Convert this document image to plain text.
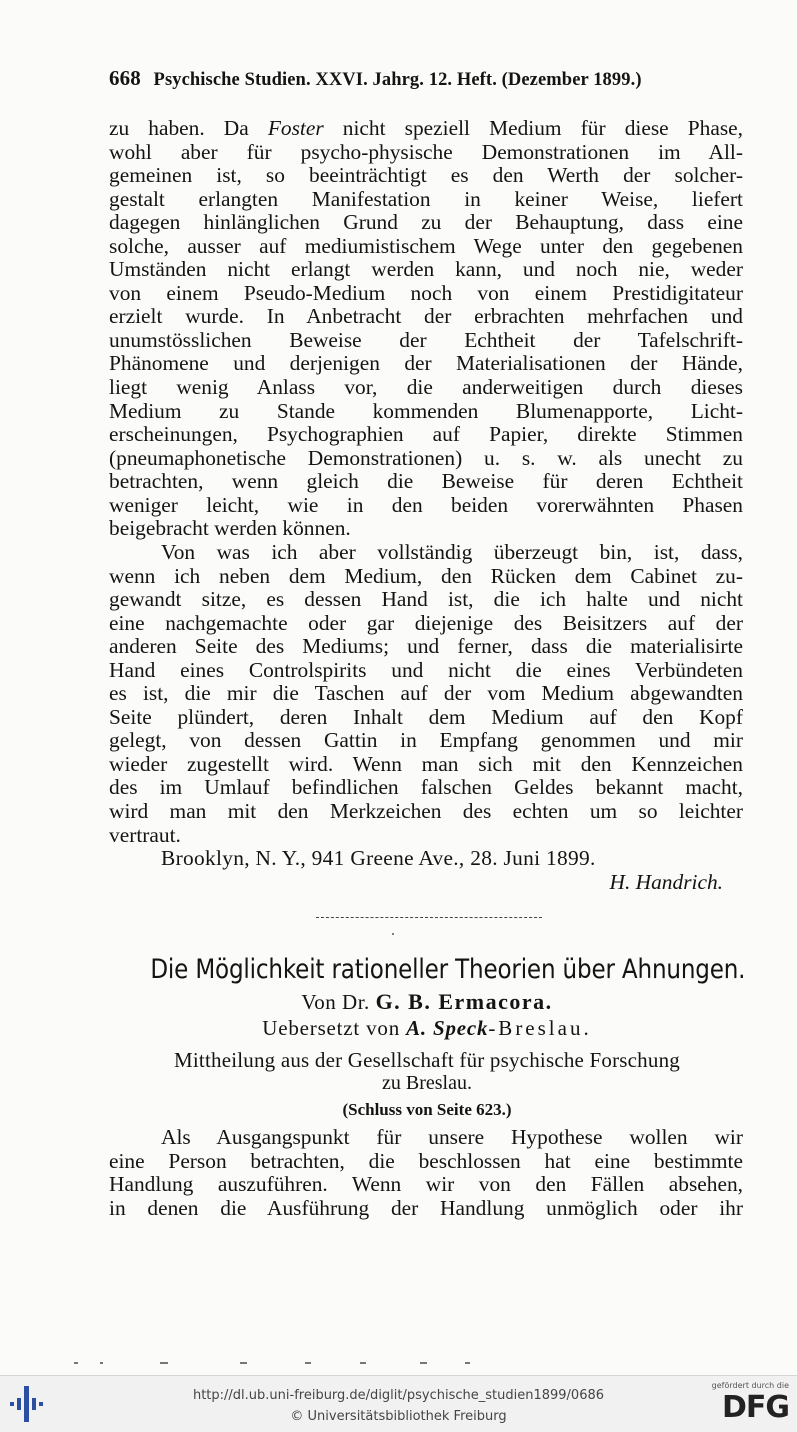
668 Psychische Studien. XXVI. Jahrg. 12. Heft. (Dezember 1899.)
zu haben. Da Foster nicht speziell Medium für diese Phase,
wohl aber für psycho-physische Demonstrationen im All-
gemeinen ist, so beeinträchtigt es den Werth der solcher-
gestalt erlangten Manifestation in keiner Weise, liefert
dagegen hinlänglichen Grund zu der Behauptung, dass eine
solche, ausser auf mediumistischem Wege unter den gegebenen
Umständen nicht erlangt werden kann, und noch nie, weder
von einem Pseudo-Medium noch von einem Prestidigitateur
erzielt wurde. In Anbetracht der erbrachten mehrfachen und
unumstösslichen Beweise der Echtheit der Tafelschrift-
Phänomene und derjenigen der Materialisationen der Hände,
liegt wenig Anlass vor, die anderweitigen durch dieses
Medium zu Stande kommenden Blumenapporte, Licht-
erscheinungen, Psychographien auf Papier, direkte Stimmen
(pneumaphonetische Demonstrationen) u. s. w. als unecht zu
betrachten, wenn gleich die Beweise für deren Echtheit
weniger leicht, wie in den beiden vorerwähnten Phasen
beigebracht werden können.
Von was ich aber vollständig überzeugt bin, ist, dass,
wenn ich neben dem Medium, den Rücken dem Cabinet zu-
gewandt sitze, es dessen Hand ist, die ich halte und nicht
eine nachgemachte oder gar diejenige des Beisitzers auf der
anderen Seite des Mediums; und ferner, dass die materialisirte
Hand eines Controlspirits und nicht die eines Verbündeten
es ist, die mir die Taschen auf der vom Medium abgewandten
Seite plündert, deren Inhalt dem Medium auf den Kopf
gelegt, von dessen Gattin in Empfang genommen und mir
wieder zugestellt wird. Wenn man sich mit den Kennzeichen
des im Umlauf befindlichen falschen Geldes bekannt macht,
wird man mit den Merkzeichen des echten um so leichter
vertraut.
Brooklyn, N. Y., 941 Greene Ave., 28. Juni 1899.
H. Handrich.
Die Möglichkeit rationeller Theorien über Ahnungen.
Von Dr. G. B. Ermacora.
Uebersetzt von A. Speck-Breslau.
Mittheilung aus der Gesellschaft für psychische Forschung
zu Breslau.
(Schluss von Seite 623.)
Als Ausgangspunkt für unsere Hypothese wollen wir
eine Person betrachten, die beschlossen hat eine bestimmte
Handlung auszuführen. Wenn wir von den Fällen absehen,
in denen die Ausführung der Handlung unmöglich oder ihr
http://dl.ub.uni-freiburg.de/diglit/psychische_studien1899/0686
© Universitätsbibliothek Freiburg
gefördert durch die
DFG
